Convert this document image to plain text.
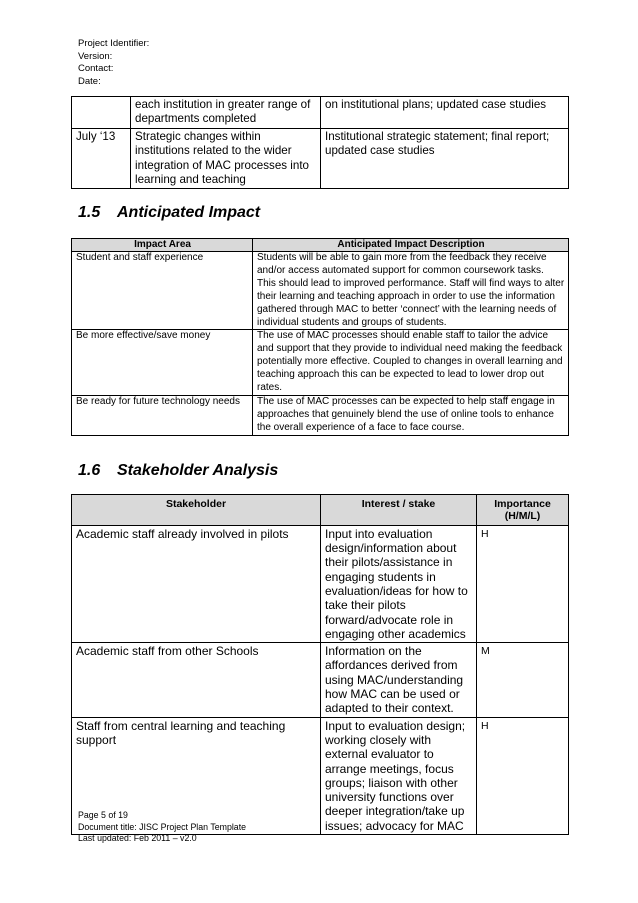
Project Identifier:
Version:
Contact:
Date:
	each institution in greater range of departments completed	on institutional plans; updated case studies
July ‘13	Strategic changes within institutions related to the wider integration of MAC processes into learning and teaching	Institutional strategic statement; final report; updated case studies
1.5 Anticipated Impact
Impact Area	Anticipated Impact Description
Student and staff experience	Students will be able to gain more from the feedback they receive and/or access automated support for common coursework tasks. This should lead to improved performance. Staff will find ways to alter their learning and teaching approach in order to use the information gathered through MAC to better ‘connect’ with the learning needs of individual students and groups of students.
Be more effective/save money	The use of MAC processes should enable staff to tailor the advice and support that they provide to individual need making the feedback potentially more effective. Coupled to changes in overall learning and teaching approach this can be expected to lead to lower drop out rates.
Be ready for future technology needs	The use of MAC processes can be expected to help staff engage in approaches that genuinely blend the use of online tools to enhance the overall experience of a face to face course.
1.6 Stakeholder Analysis
Stakeholder	Interest / stake	Importance (H/M/L)
Academic staff already involved in pilots	Input into evaluation design/information about their pilots/assistance in engaging students in evaluation/ideas for how to take their pilots forward/advocate role in engaging other academics	H
Academic staff from other Schools	Information on the affordances derived from using MAC/understanding how MAC can be used or adapted to their context.	M
Staff from central learning and teaching support	Input to evaluation design; working closely with external evaluator to arrange meetings, focus groups; liaison with other university functions over deeper integration/take up issues; advocacy for MAC	H
Page 5 of 19
Document title: JISC Project Plan Template
Last updated: Feb 2011 – v2.0
